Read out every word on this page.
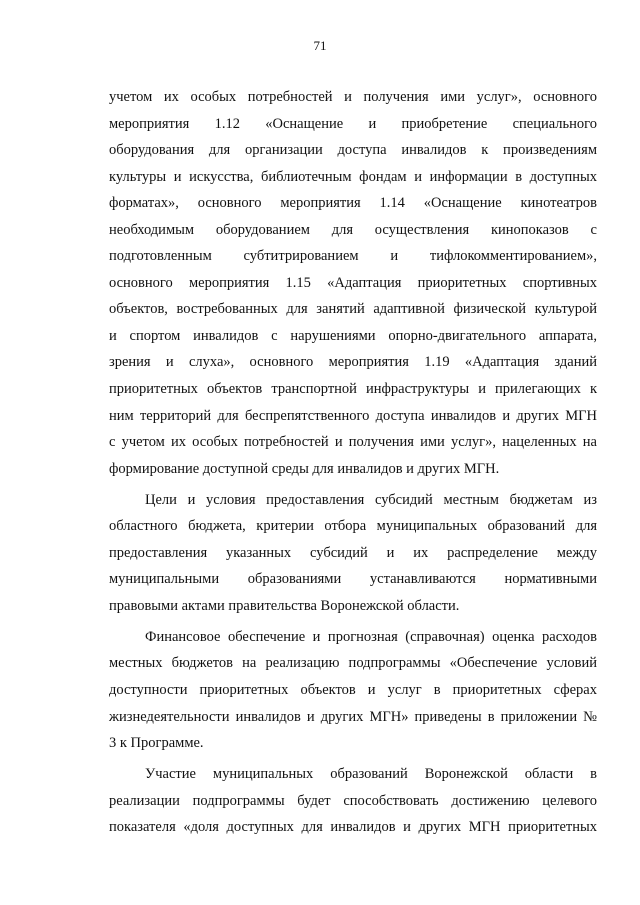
71
учетом их особых потребностей и получения ими услуг», основного
мероприятия 1.12 «Оснащение и приобретение специального
оборудования для организации доступа инвалидов к произведениям
культуры и искусства, библиотечным фондам и информации в доступных
форматах», основного мероприятия 1.14 «Оснащение кинотеатров
необходимым оборудованием для осуществления кинопоказов с
подготовленным субтитрированием и тифлокомментированием»,
основного мероприятия 1.15 «Адаптация приоритетных спортивных
объектов, востребованных для занятий адаптивной физической культурой
и спортом инвалидов с нарушениями опорно-двигательного аппарата,
зрения и слуха», основного мероприятия 1.19 «Адаптация зданий
приоритетных объектов транспортной инфраструктуры и прилегающих к
ним территорий для беспрепятственного доступа инвалидов и других МГН
с учетом их особых потребностей и получения ими услуг», нацеленных на
формирование доступной среды для инвалидов и других МГН.
Цели и условия предоставления субсидий местным бюджетам из
областного бюджета, критерии отбора муниципальных образований для
предоставления указанных субсидий и их распределение между
муниципальными образованиями устанавливаются нормативными
правовыми актами правительства Воронежской области.
Финансовое обеспечение и прогнозная (справочная) оценка расходов
местных бюджетов на реализацию подпрограммы «Обеспечение условий
доступности приоритетных объектов и услуг в приоритетных сферах
жизнедеятельности инвалидов и других МГН» приведены в приложении №
3 к Программе.
Участие муниципальных образований Воронежской области в
реализации подпрограммы будет способствовать достижению целевого
показателя «доля доступных для инвалидов и других МГН приоритетных
